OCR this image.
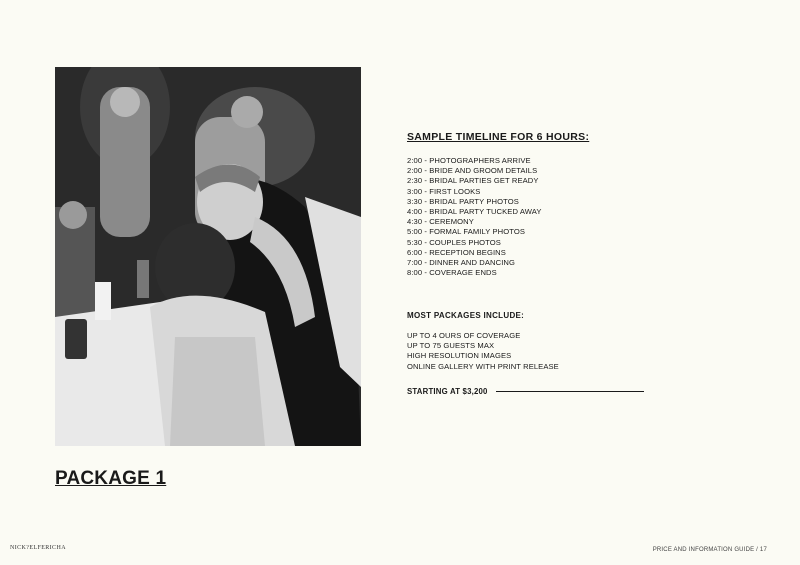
PACKAGE 1
SAMPLE TIMELINE FOR 6 HOURS:
2:00 - PHOTOGRAPHERS ARRIVE
2:00 - BRIDE AND GROOM DETAILS
2:30 - BRIDAL PARTIES GET READY
3:00 - FIRST LOOKS
3:30 - BRIDAL PARTY PHOTOS
4:00 - BRIDAL PARTY TUCKED AWAY
4:30 - CEREMONY
5:00 - FORMAL FAMILY PHOTOS
5:30 - COUPLES PHOTOS
6:00 - RECEPTION BEGINS
7:00 - DINNER AND DANCING
8:00 - COVERAGE ENDS
MOST PACKAGES INCLUDE:
UP TO 4 OURS OF COVERAGE
UP TO 75 GUESTS MAX
HIGH RESOLUTION IMAGES
ONLINE GALLERY WITH PRINT RELEASE
STARTING AT $3,200
NICK?ELFERICHA	PRICE AND INFORMATION GUIDE / 17
